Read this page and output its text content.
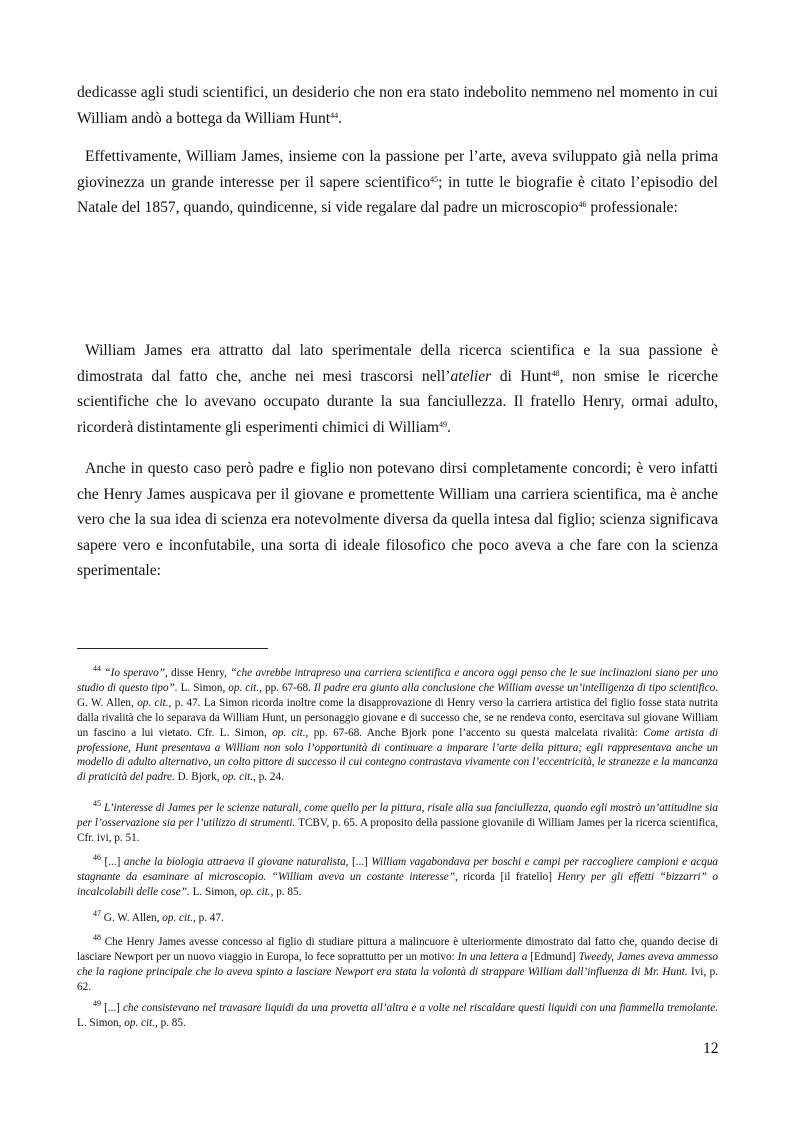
dedicasse agli studi scientifici, un desiderio che non era stato indebolito nemmeno nel momento in cui William andò a bottega da William Hunt$^{44}$.

Effettivamente, William James, insieme con la passione per l’arte, aveva sviluppato già nella prima giovinezza un grande interesse per il sapere scientifico$^{45}$; in tutte le biografie è citato l’episodio del Natale del 1857, quando, quindicenne, si vide regalare dal padre un microscopio$^{46}$ professionale:

William James era attratto dal lato sperimentale della ricerca scientifica e la sua passione è dimostrata dal fatto che, anche nei mesi trascorsi nell’atelier di Hunt$^{48}$, non smise le ricerche scientifiche che lo avevano occupato durante la sua fanciullezza. Il fratello Henry, ormai adulto, ricorderà distintamente gli esperimenti chimici di William$^{49}$.

Anche in questo caso però padre e figlio non potevano dirsi completamente concordi; è vero infatti che Henry James auspicava per il giovane e promettente William una carriera scientifica, ma è anche vero che la sua idea di scienza era notevolmente diversa da quella intesa dal figlio; scienza significava sapere vero e inconfutabile, una sorta di ideale filosofico che poco aveva a che fare con la scienza sperimentale:

$^{44}$ “Io speravo”, disse Henry, “che avrebbe intrapreso una carriera scientifica e ancora oggi penso che le sue inclinazioni siano per uno studio di questo tipo”. L. Simon, op. cit., pp. 67-68. Il padre era giunto alla conclusione che William avesse un’intelligenza di tipo scientifico. G. W. Allen, op. cit., p. 47. La Simon ricorda inoltre come la disapprovazione di Henry verso la carriera artistica del figlio fosse stata nutrita dalla rivalità che lo separava da William Hunt, un personaggio giovane e di successo che, se ne rendeva conto, esercitava sul giovane William un fascino a lui vietato. Cfr. L. Simon, op. cit., pp. 67-68. Anche Bjork pone l’accento su questa malcelata rivalità: Come artista di professione, Hunt presentava a William non solo l’opportunità di continuare a imparare l’arte della pittura; egli rappresentava anche un modello di adulto alternativo, un colto pittore di successo il cui contegno contrastava vivamente con l’eccentricità, le stranezze e la mancanza di praticità del padre. D. Bjork, op. cit., p. 24.

$^{45}$ L’interesse di James per le scienze naturali, come quello per la pittura, risale alla sua fanciullezza, quando egli mostrò un’attitudine sia per l’osservazione sia per l’utilizzo di strumenti. TCBV, p. 65. A proposito della passione giovanile di William James per la ricerca scientifica, Cfr. ivi, p. 51.

$^{46}$ [...] anche la biologia attraeva il giovane naturalista, [...] William vagabondava per boschi e campi per raccogliere campioni e acqua stagnante da esaminare al microscopio. “William aveva un costante interesse”, ricorda [il fratello] Henry per gli effetti “bizzarri” o incalcolabili delle cose”. L. Simon, op. cit., p. 85.

$^{47}$ G. W. Allen, op. cit., p. 47.

$^{48}$ Che Henry James avesse concesso al figlio di studiare pittura a malincuore è ulteriormente dimostrato dal fatto che, quando decise di lasciare Newport per un nuovo viaggio in Europa, lo fece soprattutto per un motivo: In una lettera a [Edmund] Tweedy, James aveva ammesso che la ragione principale che lo aveva spinto a lasciare Newport era stata la volontà di strappare William dall’influenza di Mr. Hunt. Ivi, p. 62.

$^{49}$ [...] che consistevano nel travasare liquidi da una provetta all’altra e a volte nel riscaldare questi liquidi con una fiammella tremolante. L. Simon, op. cit., p. 85.

12
